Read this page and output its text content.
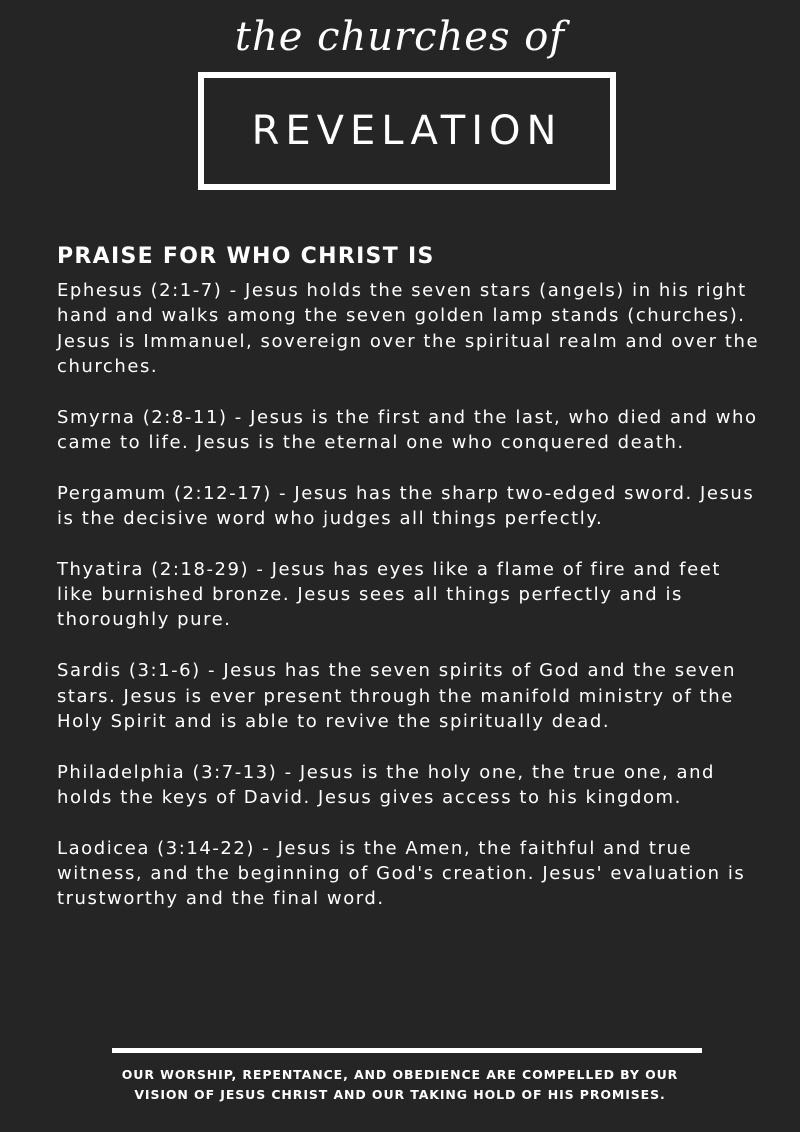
the churches of
REVELATION
PRAISE FOR WHO CHRIST IS

Ephesus (2:1-7) - Jesus holds the seven stars (angels) in his right hand and walks among the seven golden lamp stands (churches). Jesus is Immanuel, sovereign over the spiritual realm and over the churches.

Smyrna (2:8-11) - Jesus is the first and the last, who died and who came to life. Jesus is the eternal one who conquered death.

Pergamum (2:12-17) - Jesus has the sharp two-edged sword. Jesus is the decisive word who judges all things perfectly.

Thyatira (2:18-29) - Jesus has eyes like a flame of fire and feet like burnished bronze. Jesus sees all things perfectly and is thoroughly pure.

Sardis (3:1-6) - Jesus has the seven spirits of God and the seven stars. Jesus is ever present through the manifold ministry of the Holy Spirit and is able to revive the spiritually dead.

Philadelphia (3:7-13) - Jesus is the holy one, the true one, and holds the keys of David. Jesus gives access to his kingdom.

Laodicea (3:14-22) - Jesus is the Amen, the faithful and true witness, and the beginning of God's creation. Jesus' evaluation is trustworthy and the final word.

OUR WORSHIP, REPENTANCE, AND OBEDIENCE ARE COMPELLED BY OUR
VISION OF JESUS CHRIST AND OUR TAKING HOLD OF HIS PROMISES.
